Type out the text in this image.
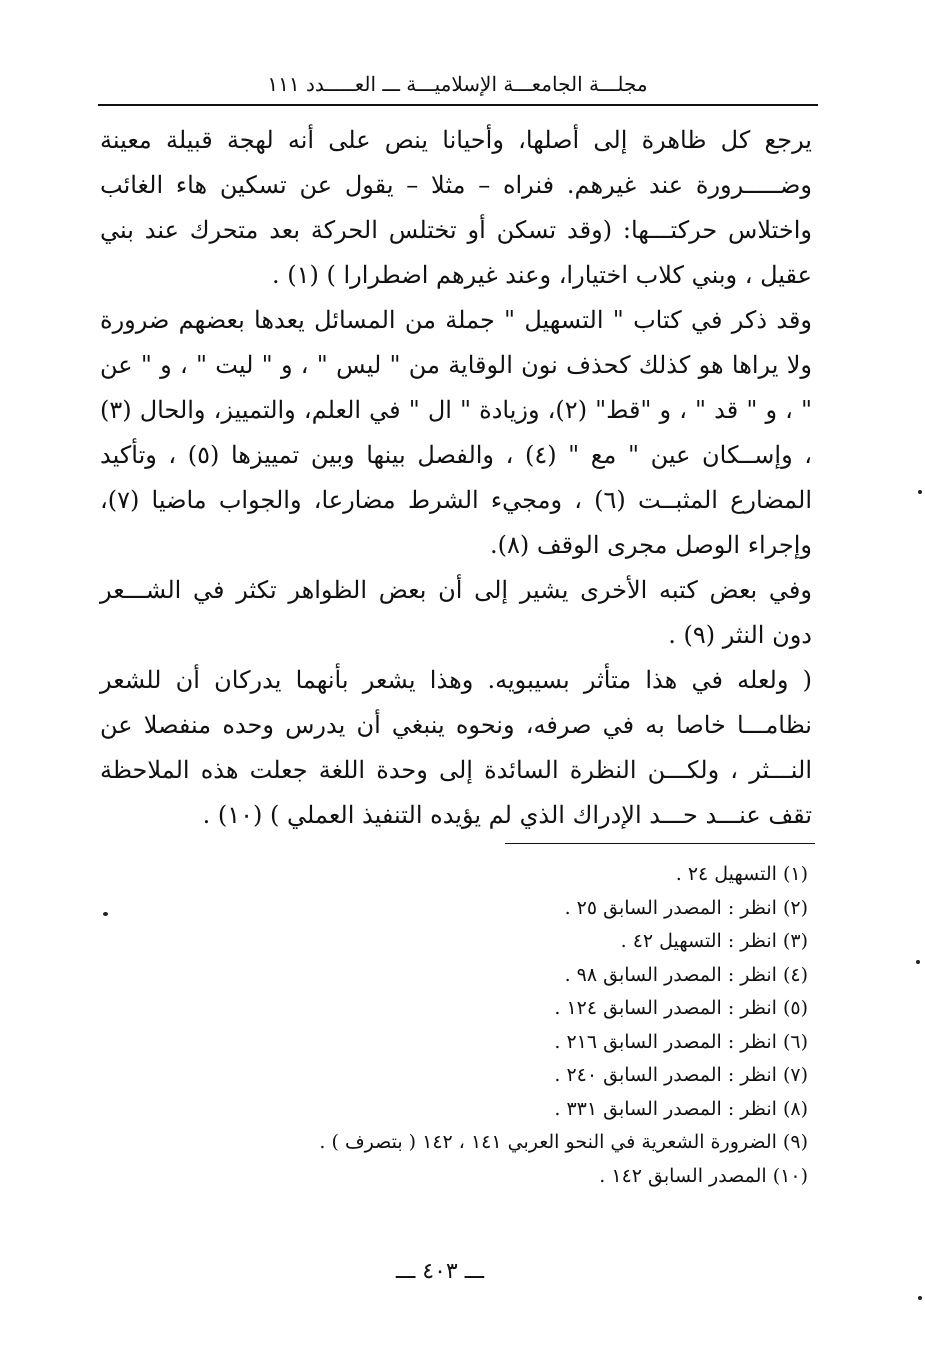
مجلـــة الجامعـــة الإسلاميـــة ـــ العـــــدد ١١١

يرجع كل ظاهرة إلى أصلها، وأحيانا ينص على أنه لهجة قبيلة معينة وضـــــرورة عند غيرهم. فنراه – مثلا – يقول عن تسكين هاء الغائب واختلاس حركتـــها: (وقد تسكن أو تختلس الحركة بعد متحرك عند بني عقيل ، وبني كلاب اختيارا، وعند غيرهم اضطرارا ) (١) .

وقد ذكر في كتاب " التسهيل " جملة من المسائل يعدها بعضهم ضرورة ولا يراها هو كذلك كحذف نون الوقاية من " ليس " ، و " ليت " ، و " عن " ، و " قد " ، و "قط" (٢)، وزيادة " ال " في العلم، والتمييز، والحال (٣) ، وإســكان عين " مع " (٤) ، والفصل بينها وبين تمييزها (٥) ، وتأكيد المضارع المثبــت (٦) ، ومجيء الشرط مضارعا، والجواب ماضيا (٧)، وإجراء الوصل مجرى الوقف (٨).

وفي بعض كتبه الأخرى يشير إلى أن بعض الظواهر تكثر في الشـــعر دون النثر (٩) .

( ولعله في هذا متأثر بسيبويه. وهذا يشعر بأنهما يدركان أن للشعر نظامـــا خاصا به في صرفه، ونحوه ينبغي أن يدرس وحده منفصلا عن النـــثر ، ولكـــن النظرة السائدة إلى وحدة اللغة جعلت هذه الملاحظة تقف عنـــد حـــد الإدراك الذي لم يؤيده التنفيذ العملي ) (١٠) .

(١) التسهيل ٢٤ .
(٢) انظر : المصدر السابق ٢٥ .
(٣) انظر : التسهيل ٤٢ .
(٤) انظر : المصدر السابق ٩٨ .
(٥) انظر : المصدر السابق ١٢٤ .
(٦) انظر : المصدر السابق ٢١٦ .
(٧) انظر : المصدر السابق ٢٤٠ .
(٨) انظر : المصدر السابق ٣٣١ .
(٩) الضرورة الشعرية في النحو العربي ١٤١ ، ١٤٢ ( بتصرف ) .
(١٠) المصدر السابق ١٤٢ .
ـــ ٤٠٣ ـــ
